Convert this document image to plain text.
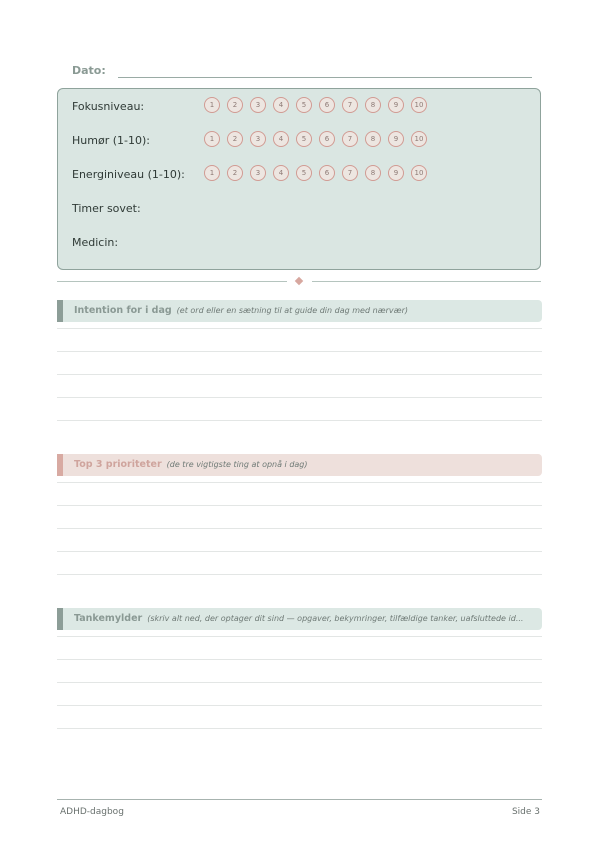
Dato:
Fokusniveau:	1	2	3	4	5	6	7	8	9	10
Humør (1-10):	1	2	3	4	5	6	7	8	9	10
Energiniveau (1-10):	1	2	3	4	5	6	7	8	9	10
Timer sovet:
Medicin:
Intention for i dag (et ord eller en sætning til at guide din dag med nærvær)
Top 3 prioriteter (de tre vigtigste ting at opnå i dag)
Tankemylder (skriv alt ned, der optager dit sind — opgaver, bekymringer, tilfældige tanker, uafsluttede id...
ADHD-dagbog	Side 3
